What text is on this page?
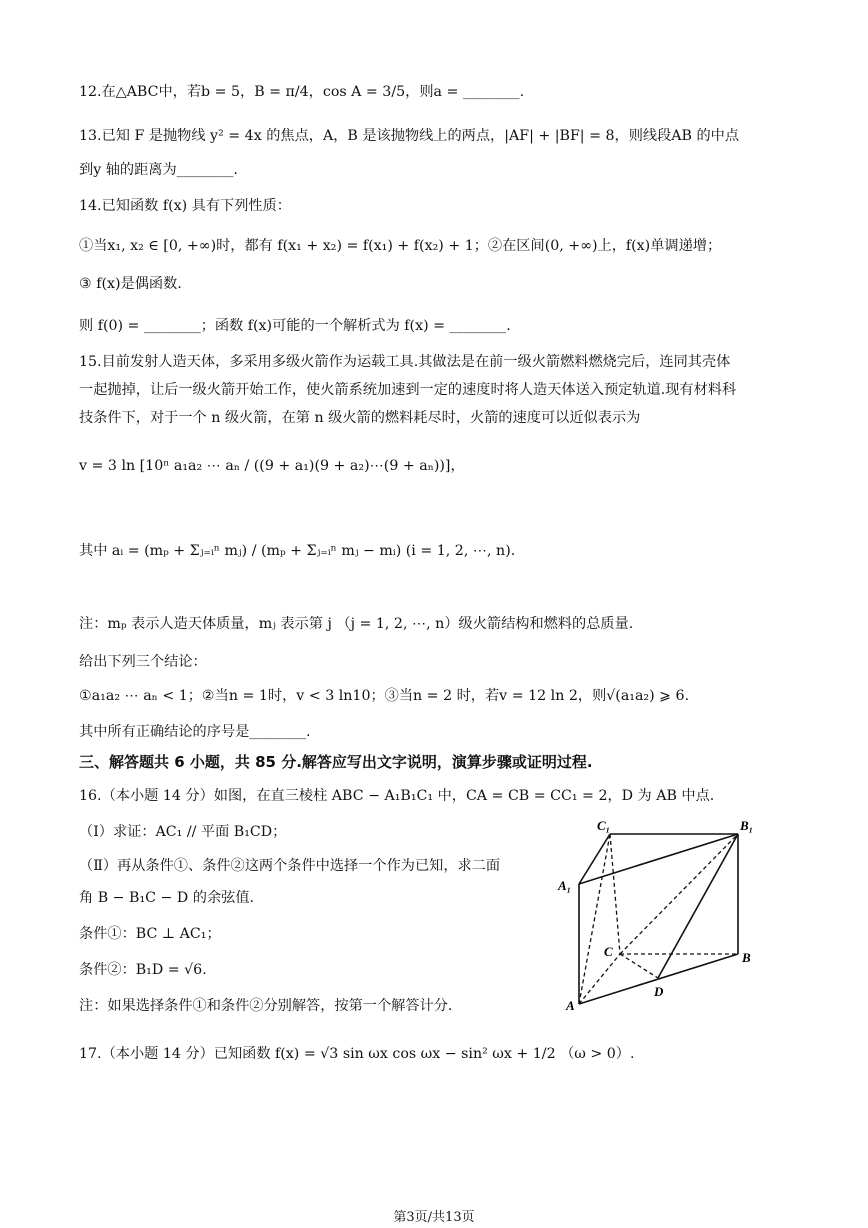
12.在△ABC中，若b = 5，B = π/4，cos A = 3/5，则a = ________.
13.已知 F 是抛物线 y² = 4x 的焦点，A，B 是该抛物线上的两点，|AF| + |BF| = 8，则线段AB 的中点
到y 轴的距离为________.
14.已知函数 f(x) 具有下列性质：
①当x₁, x₂ ∈ [0, +∞)时，都有 f(x₁ + x₂) = f(x₁) + f(x₂) + 1；②在区间(0, +∞)上，f(x)单调递增；
③ f(x)是偶函数.
则 f(0) = ________；函数 f(x)可能的一个解析式为 f(x) = ________.
15.目前发射人造天体，多采用多级火箭作为运载工具.其做法是在前一级火箭燃料燃烧完后，连同其壳体
一起抛掉，让后一级火箭开始工作，使火箭系统加速到一定的速度时将人造天体送入预定轨道.现有材料科
技条件下，对于一个 n 级火箭，在第 n 级火箭的燃料耗尽时，火箭的速度可以近似表示为
v = 3 ln [10ⁿ a₁a₂ ⋯ aₙ / ((9 + a₁)(9 + a₂)⋯(9 + aₙ))]，
其中 aᵢ = (mₚ + Σⱼ₌ᵢⁿ mⱼ) / (mₚ + Σⱼ₌ᵢⁿ mⱼ − mᵢ) (i = 1, 2, ⋯, n).
注：mₚ 表示人造天体质量，mⱼ 表示第 j （j = 1, 2, ⋯, n）级火箭结构和燃料的总质量.
给出下列三个结论：
①a₁a₂ ⋯ aₙ < 1；②当n = 1时，v < 3 ln10；③当n = 2 时，若v = 12 ln 2，则√(a₁a₂) ⩾ 6.
其中所有正确结论的序号是________.
三、解答题共 6 小题，共 85 分.解答应写出文字说明，演算步骤或证明过程.
16.（本小题 14 分）如图，在直三棱柱 ABC − A₁B₁C₁ 中，CA = CB = CC₁ = 2，D 为 AB 中点.
（Ⅰ）求证：AC₁ // 平面 B₁CD；
（Ⅱ）再从条件①、条件②这两个条件中选择一个作为已知，求二面
角 B − B₁C − D 的余弦值.
条件①：BC ⊥ AC₁；
条件②：B₁D = √6.
注：如果选择条件①和条件②分别解答，按第一个解答计分.
C₁	B₁
A₁
C	B
A
D
17.（本小题 14 分）已知函数 f(x) = √3 sin ωx cos ωx − sin² ωx + 1/2 （ω > 0）.
第3页/共13页
